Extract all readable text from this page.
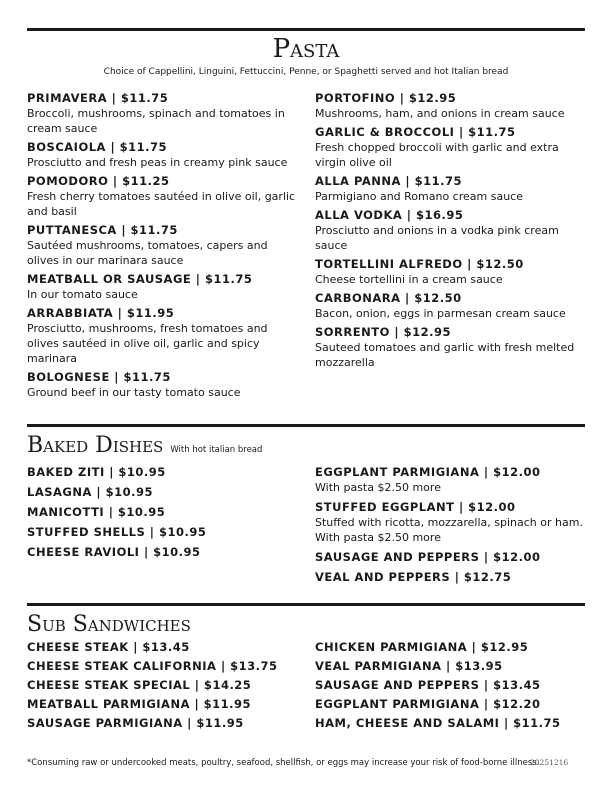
Pasta
Choice of Cappellini, Linguini, Fettuccini, Penne, or Spaghetti served and hot Italian bread
PRIMAVERA | $11.75
Broccoli, mushrooms, spinach and tomatoes in cream sauce
BOSCAIOLA | $11.75
Prosciutto and fresh peas in creamy pink sauce
POMODORO | $11.25
Fresh cherry tomatoes sautéed in olive oil, garlic and basil
PUTTANESCA | $11.75
Sautéed mushrooms, tomatoes, capers and olives in our marinara sauce
MEATBALL OR SAUSAGE | $11.75
In our tomato sauce
ARRABBIATA | $11.95
Prosciutto, mushrooms, fresh tomatoes and olives sautéed in olive oil, garlic and spicy marinara
BOLOGNESE | $11.75
Ground beef in our tasty tomato sauce
PORTOFINO | $12.95
Mushrooms, ham, and onions in cream sauce
GARLIC & BROCCOLI | $11.75
Fresh chopped broccoli with garlic and extra virgin olive oil
ALLA PANNA | $11.75
Parmigiano and Romano cream sauce
ALLA VODKA | $16.95
Prosciutto and onions in a vodka pink cream sauce
TORTELLINI ALFREDO | $12.50
Cheese tortellini in a cream sauce
CARBONARA | $12.50
Bacon, onion, eggs in parmesan cream sauce
SORRENTO | $12.95
Sauteed tomatoes and garlic with fresh melted mozzarella
Baked Dishes With hot italian bread
BAKED ZITI | $10.95
LASAGNA | $10.95
MANICOTTI | $10.95
STUFFED SHELLS | $10.95
CHEESE RAVIOLI | $10.95
EGGPLANT PARMIGIANA | $12.00
With pasta $2.50 more
STUFFED EGGPLANT | $12.00
Stuffed with ricotta, mozzarella, spinach or ham. With pasta $2.50 more
SAUSAGE AND PEPPERS | $12.00
VEAL AND PEPPERS | $12.75
Sub Sandwiches
CHEESE STEAK | $13.45
CHEESE STEAK CALIFORNIA | $13.75
CHEESE STEAK SPECIAL | $14.25
MEATBALL PARMIGIANA | $11.95
SAUSAGE PARMIGIANA | $11.95
CHICKEN PARMIGIANA | $12.95
VEAL PARMIGIANA | $13.95
SAUSAGE AND PEPPERS | $13.45
EGGPLANT PARMIGIANA | $12.20
HAM, CHEESE AND SALAMI | $11.75
*Consuming raw or undercooked meats, poultry, seafood, shellfish, or eggs may increase your risk of food-borne illness.
20251216
